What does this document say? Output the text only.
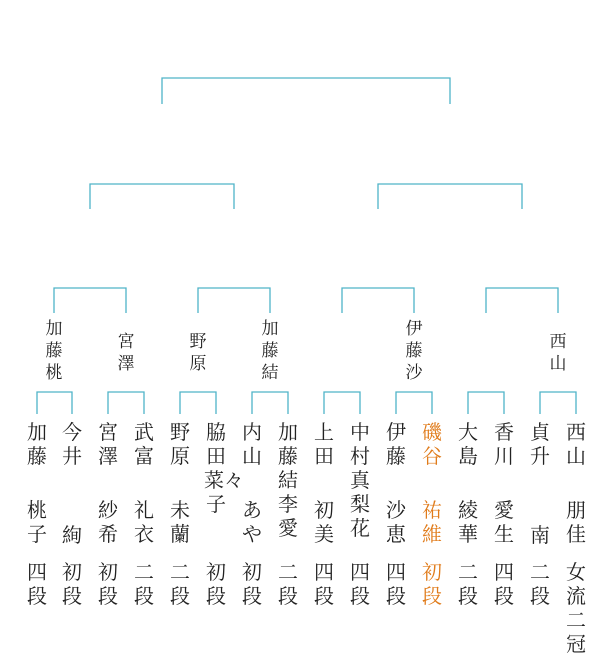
加藤桃
宮澤
野原
加藤結
伊藤沙
西山
加藤
桃子
四段
今井
絢
初段
宮澤
紗希
初段
武富
礼衣
二段
野原
未蘭
二段
脇田菜々子
初段
内山
あや
初段
加藤結李愛
二段
上田
初美
四段
中村真梨花
四段
伊藤
沙恵
四段
磯谷
祐維
初段
大島
綾華
二段
香川
愛生
四段
貞升
南
二段
西山
朋佳
女流二冠
